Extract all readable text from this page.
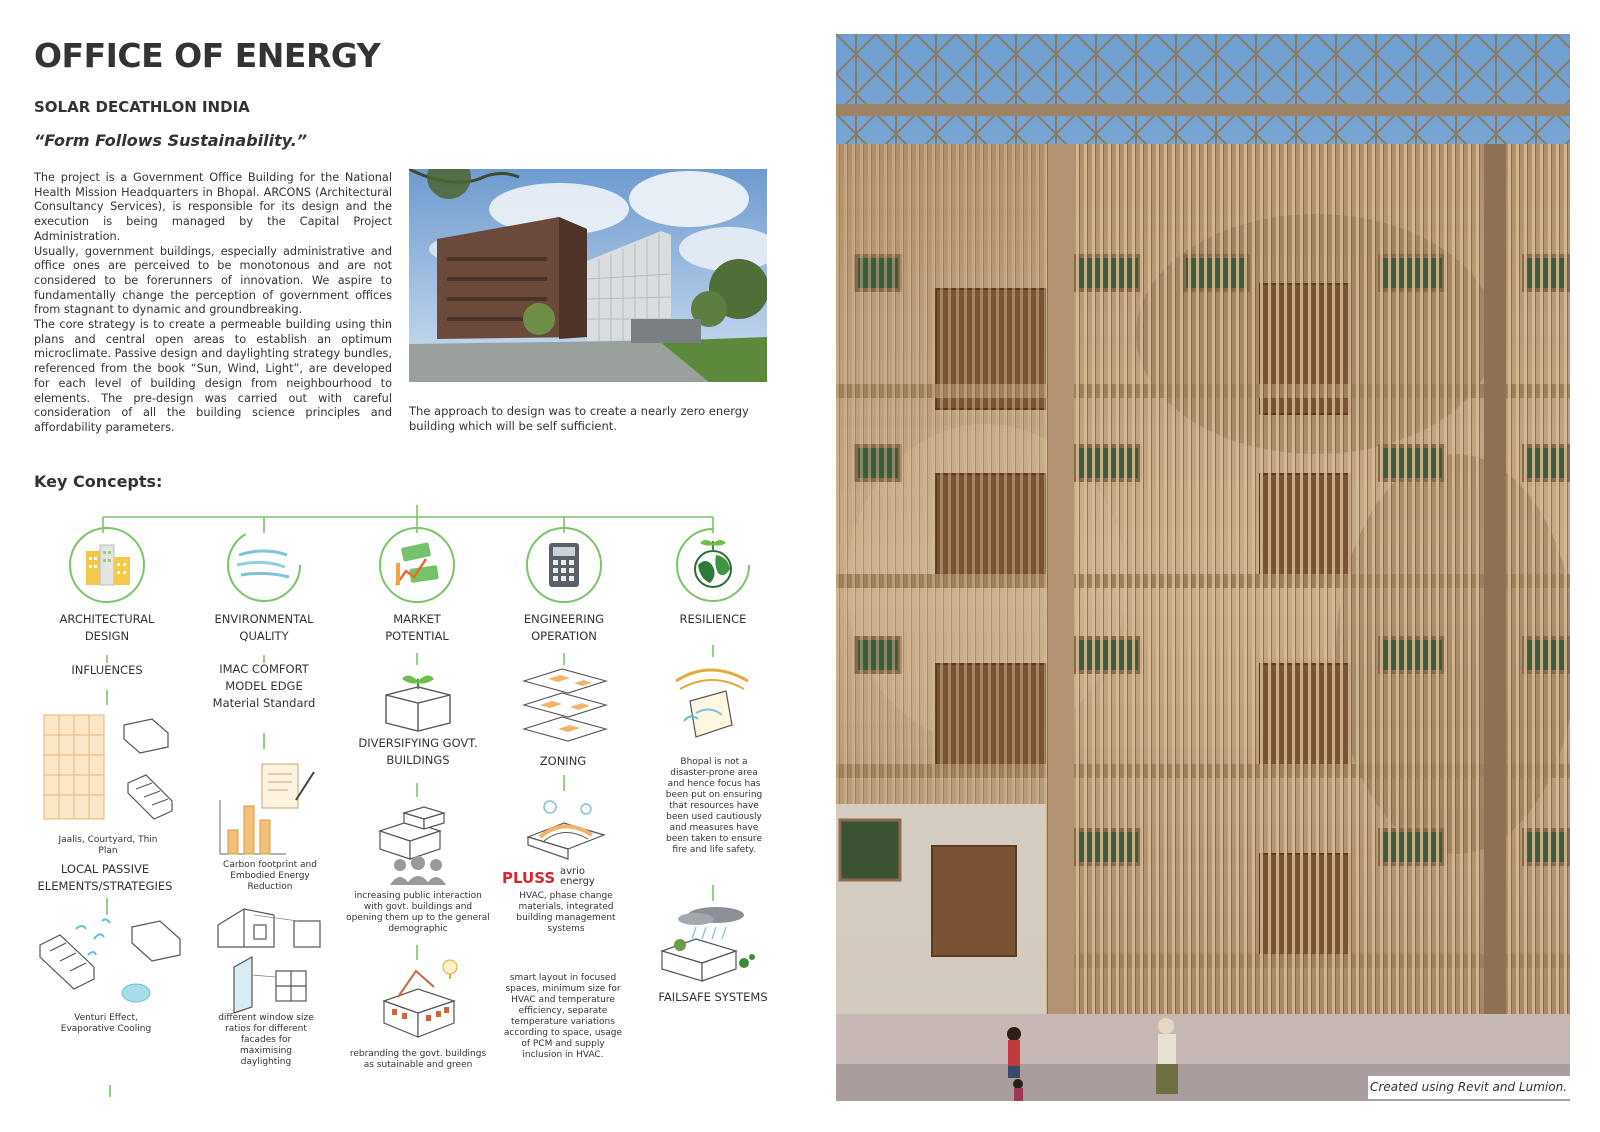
OFFICE OF ENERGY
SOLAR DECATHLON INDIA
“Form Follows Sustainability.”

The project is a Government Office Building for the National Health Mission Headquarters in Bhopal. ARCONS (Architectural Consultancy Services), is responsible for its design and the execution is being managed by the Capital Project Administration.

Usually, government buildings, especially administrative and office ones are perceived to be monotonous and are not considered to be forerunners of innovation. We aspire to fundamentally change the perception of government offices from stagnant to dynamic and groundbreaking.

The core strategy is to create a permeable building using thin plans and central open areas to establish an optimum microclimate. Passive design and daylighting strategy bundles, referenced from the book “Sun, Wind, Light”, are developed for each level of building design from neighbourhood to elements. The pre-design was carried out with careful consideration of all the building science principles and affordability parameters.

The approach to design was to create a nearly zero energy building which will be self sufficient.
Key Concepts:
ARCHITECTURAL DESIGN
INFLUENCES
Jaalis, Courtyard, Thin Plan
LOCAL PASSIVE ELEMENTS/STRATEGIES
Venturi Effect, Evaporative Cooling
ENVIRONMENTAL QUALITY
IMAC COMFORT MODEL EDGE Material Standard
Carbon footprint and Embodied Energy Reduction
different window size ratios for different facades for maximising daylighting
MARKET POTENTIAL
DIVERSIFYING GOVT. BUILDINGS
increasing public interaction with govt. buildings and opening them up to the general demographic
rebranding the govt. buildings as sutainable and green
ENGINEERING OPERATION
ZONING
PLUSS avrio energy
HVAC, phase change materials, integrated building management systems
smart layout in focused spaces, minimum size for HVAC and temperature efficiency, separate temperature variations according to space, usage of PCM and supply inclusion in HVAC.
RESILIENCE
Bhopal is not a disaster-prone area and hence focus has been put on ensuring that resources have been used cautiously and measures have been taken to ensure fire and life safety.
FAILSAFE SYSTEMS
Created using Revit and Lumion.
